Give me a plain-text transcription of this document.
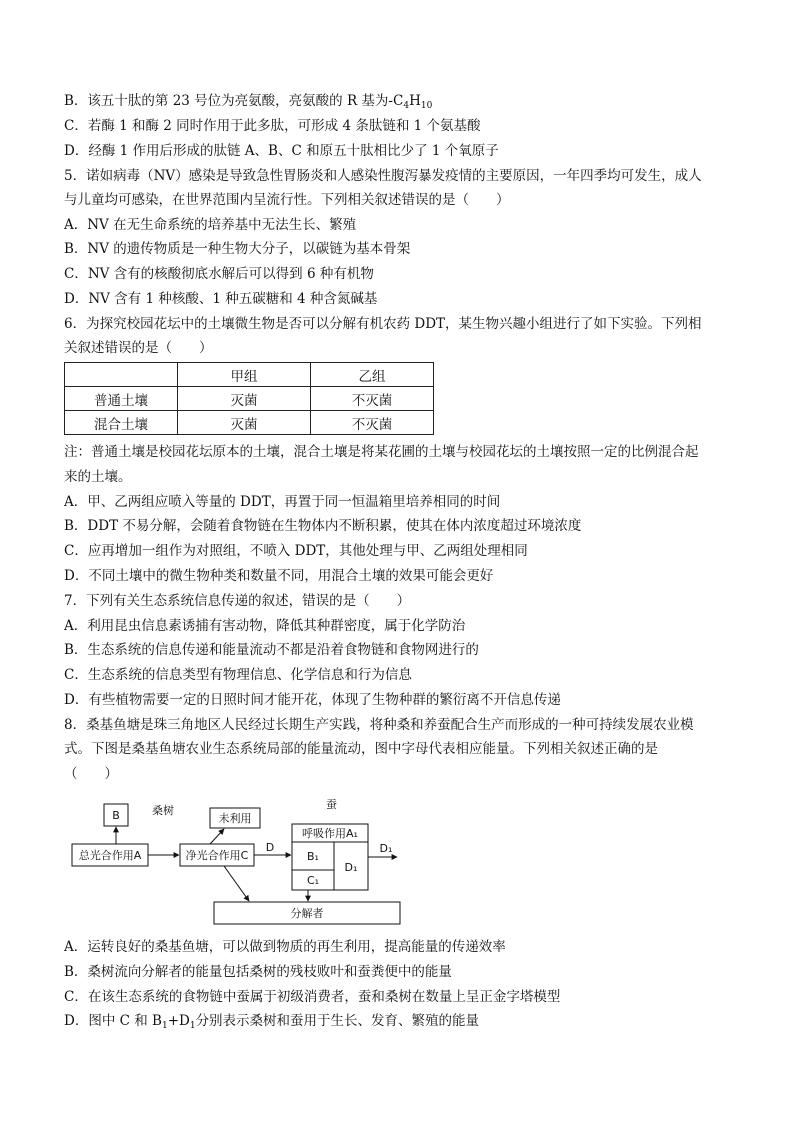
B．该五十肽的第 23 号位为亮氨酸，亮氨酸的 R 基为$-C_4H_{10}$
C．若酶 1 和酶 2 同时作用于此多肽，可形成 4 条肽链和 1 个氨基酸
D．经酶 1 作用后形成的肽链 A、B、C 和原五十肽相比少了 1 个氧原子
5．诺如病毒（NV）感染是导致急性胃肠炎和人感染性腹泻暴发疫情的主要原因，一年四季均可发生，成人
与儿童均可感染，在世界范围内呈流行性。下列相关叙述错误的是（　　）
A．NV 在无生命系统的培养基中无法生长、繁殖
B．NV 的遗传物质是一种生物大分子，以碳链为基本骨架
C．NV 含有的核酸彻底水解后可以得到 6 种有机物
D．NV 含有 1 种核酸、1 种五碳糖和 4 种含氮碱基
6．为探究校园花坛中的土壤微生物是否可以分解有机农药 DDT，某生物兴趣小组进行了如下实验。下列相
关叙述错误的是（　　）
	甲组	乙组
普通土壤	灭菌	不灭菌
混合土壤	灭菌	不灭菌
注：普通土壤是校园花坛原本的土壤，混合土壤是将某花圃的土壤与校园花坛的土壤按照一定的比例混合起
来的土壤。
A．甲、乙两组应喷入等量的 DDT，再置于同一恒温箱里培养相同的时间
B．DDT 不易分解，会随着食物链在生物体内不断积累，使其在体内浓度超过环境浓度
C．应再增加一组作为对照组，不喷入 DDT，其他处理与甲、乙两组处理相同
D．不同土壤中的微生物种类和数量不同，用混合土壤的效果可能会更好
7．下列有关生态系统信息传递的叙述，错误的是（　　）
A．利用昆虫信息素诱捕有害动物，降低其种群密度，属于化学防治
B．生态系统的信息传递和能量流动不都是沿着食物链和食物网进行的
C．生态系统的信息类型有物理信息、化学信息和行为信息
D．有些植物需要一定的日照时间才能开花，体现了生物种群的繁衍离不开信息传递
8．桑基鱼塘是珠三角地区人民经过长期生产实践，将种桑和养蚕配合生产而形成的一种可持续发展农业模
式。下图是桑基鱼塘农业生态系统局部的能量流动，图中字母代表相应能量。下列相关叙述正确的是
（　　）
B	桑树	蚕
未利用
总光合作用A	净光合作用C
呼吸作用A₁
B₁
C₁
D₁
分解者
D	D₁
A．运转良好的桑基鱼塘，可以做到物质的再生利用，提高能量的传递效率
B．桑树流向分解者的能量包括桑树的残枝败叶和蚕粪便中的能量
C．在该生态系统的食物链中蚕属于初级消费者，蚕和桑树在数量上呈正金字塔模型
D．图中 C 和 $B_1+D_1$分别表示桑树和蚕用于生长、发育、繁殖的能量
